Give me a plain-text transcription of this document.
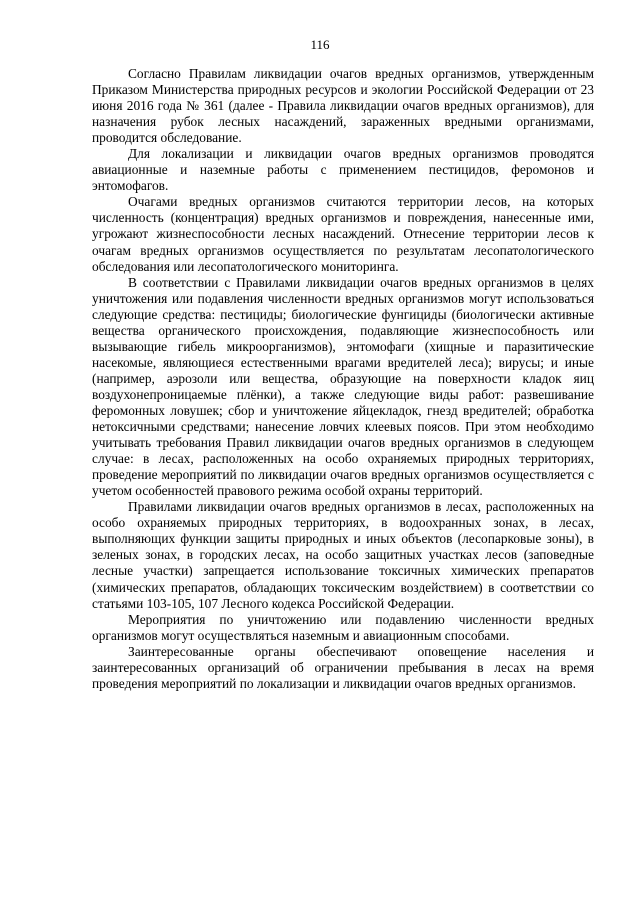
116

Согласно Правилам ликвидации очагов вредных организмов, утвержденным Приказом Министерства природных ресурсов и экологии Российской Федерации от 23 июня 2016 года № 361 (далее - Правила ликвидации очагов вредных организмов), для назначения рубок лесных насаждений, зараженных вредными организмами, проводится обследование.

Для локализации и ликвидации очагов вредных организмов проводятся авиационные и наземные работы с применением пестицидов, феромонов и энтомофагов.

Очагами вредных организмов считаются территории лесов, на которых численность (концентрация) вредных организмов и повреждения, нанесенные ими, угрожают жизнеспособности лесных насаждений. Отнесение территории лесов к очагам вредных организмов осуществляется по результатам лесопатологического обследования или лесопатологического мониторинга.

В соответствии с Правилами ликвидации очагов вредных организмов в целях уничтожения или подавления численности вредных организмов могут использоваться следующие средства: пестициды; биологические фунгициды (биологически активные вещества органического происхождения, подавляющие жизнеспособность или вызывающие гибель микроорганизмов), энтомофаги (хищные и паразитические насекомые, являющиеся естественными врагами вредителей леса); вирусы; и иные (например, аэрозоли или вещества, образующие на поверхности кладок яиц воздухонепроницаемые плёнки), а также следующие виды работ: развешивание феромонных ловушек; сбор и уничтожение яйцекладок, гнезд вредителей; обработка нетоксичными средствами; нанесение ловчих клеевых поясов. При этом необходимо учитывать требования Правил ликвидации очагов вредных организмов в следующем случае: в лесах, расположенных на особо охраняемых природных территориях, проведение мероприятий по ликвидации очагов вредных организмов осуществляется с учетом особенностей правового режима особой охраны территорий.

Правилами ликвидации очагов вредных организмов в лесах, расположенных на особо охраняемых природных территориях, в водоохранных зонах, в лесах, выполняющих функции защиты природных и иных объектов (лесопарковые зоны), в зеленых зонах, в городских лесах, на особо защитных участках лесов (заповедные лесные участки) запрещается использование токсичных химических препаратов (химических препаратов, обладающих токсическим воздействием) в соответствии со статьями 103-105, 107 Лесного кодекса Российской Федерации.

Мероприятия по уничтожению или подавлению численности вредных организмов могут осуществляться наземным и авиационным способами.

Заинтересованные органы обеспечивают оповещение населения и заинтересованных организаций об ограничении пребывания в лесах на время проведения мероприятий по локализации и ликвидации очагов вредных организмов.
